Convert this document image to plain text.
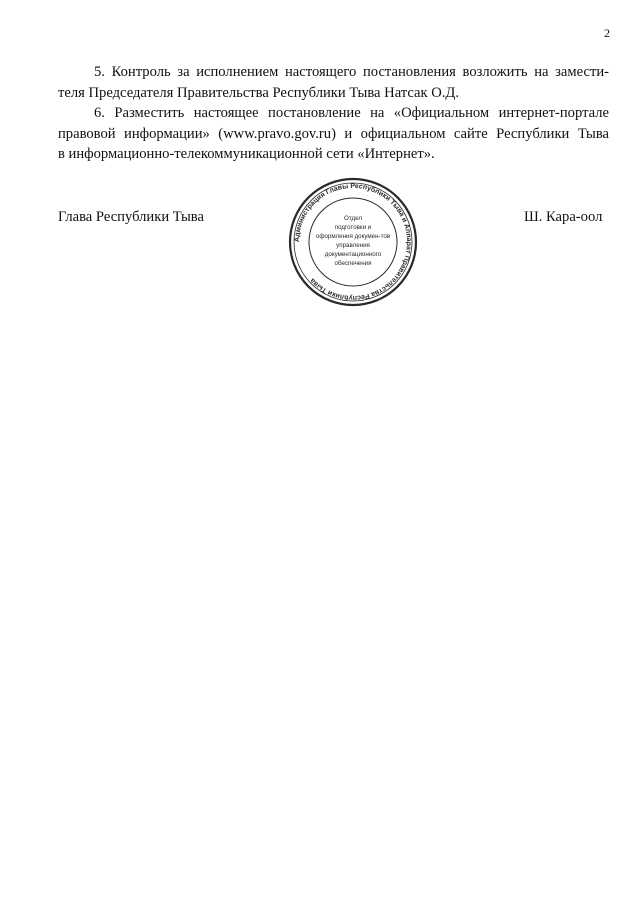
2
5. Контроль за исполнением настоящего постановления возложить на замести-
теля Председателя Правительства Республики Тыва Натсак О.Д.
6. Разместить настоящее постановление на «Официальном интернет-портале
правовой информации» (www.pravo.gov.ru) и официальном сайте Республики Тыва
в информационно-телекоммуникационной сети «Интернет».
Глава Республики Тыва	Ш. Кара-оол
Администрация Главы Республики Тыва и Аппарат Правительства Республики Тыва
Отдел
подготовки и
оформления докумен-тов
управления
документационного
обеспечения
